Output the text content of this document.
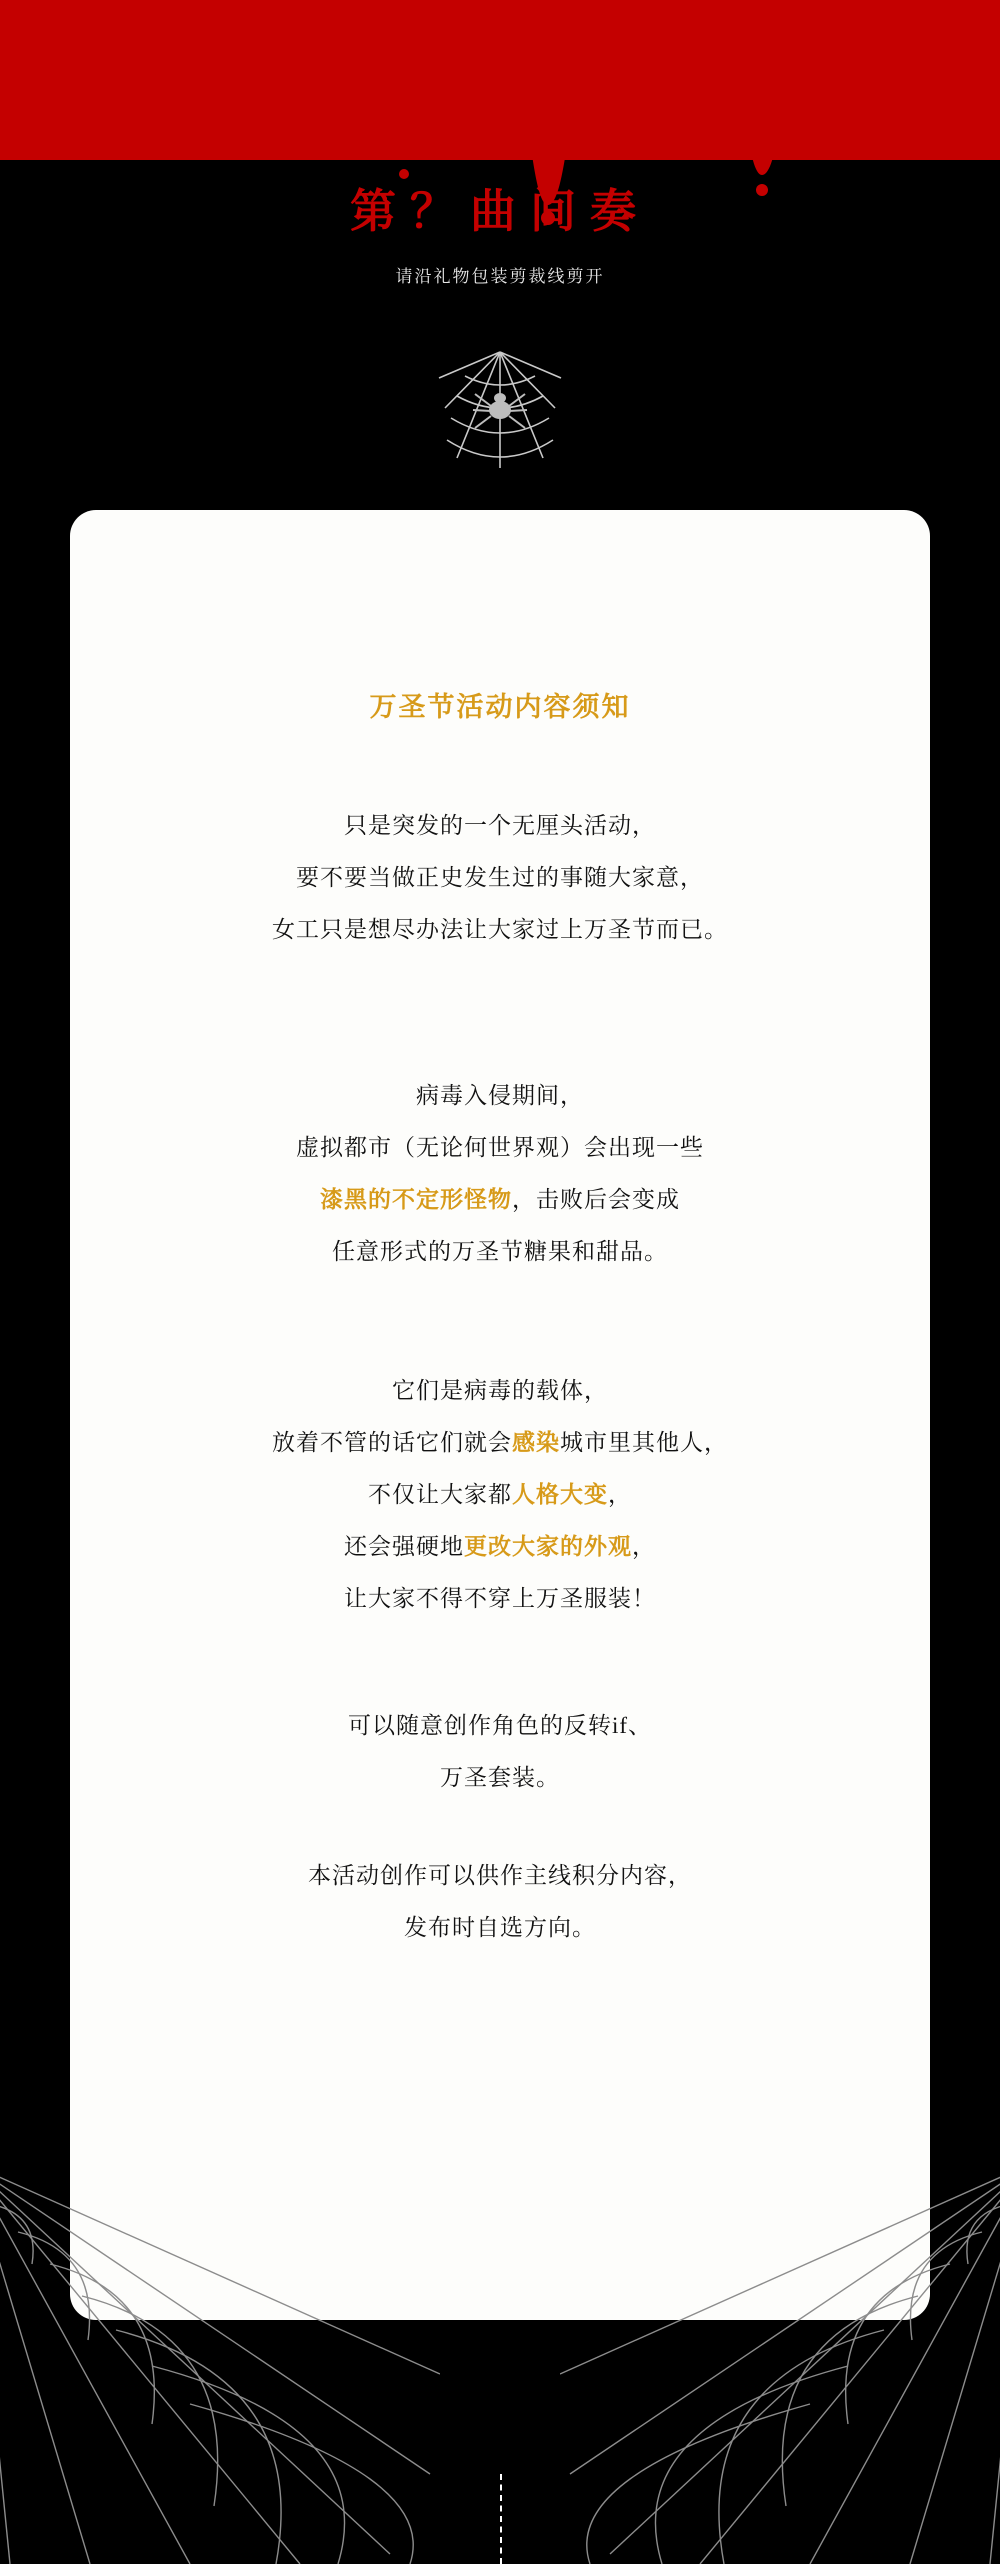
第？曲间奏
请沿礼物包装剪裁线剪开
万圣节活动内容须知
只是突发的一个无厘头活动，
要不要当做正史发生过的事随大家意，
女工只是想尽办法让大家过上万圣节而已。
病毒入侵期间，
虚拟都市（无论何世界观）会出现一些
漆黑的不定形怪物，击败后会变成
任意形式的万圣节糖果和甜品。
它们是病毒的载体，
放着不管的话它们就会感染城市里其他人，
不仅让大家都人格大变，
还会强硬地更改大家的外观，
让大家不得不穿上万圣服装！
可以随意创作角色的反转if、
万圣套装。
本活动创作可以供作主线积分内容，
发布时自选方向。
